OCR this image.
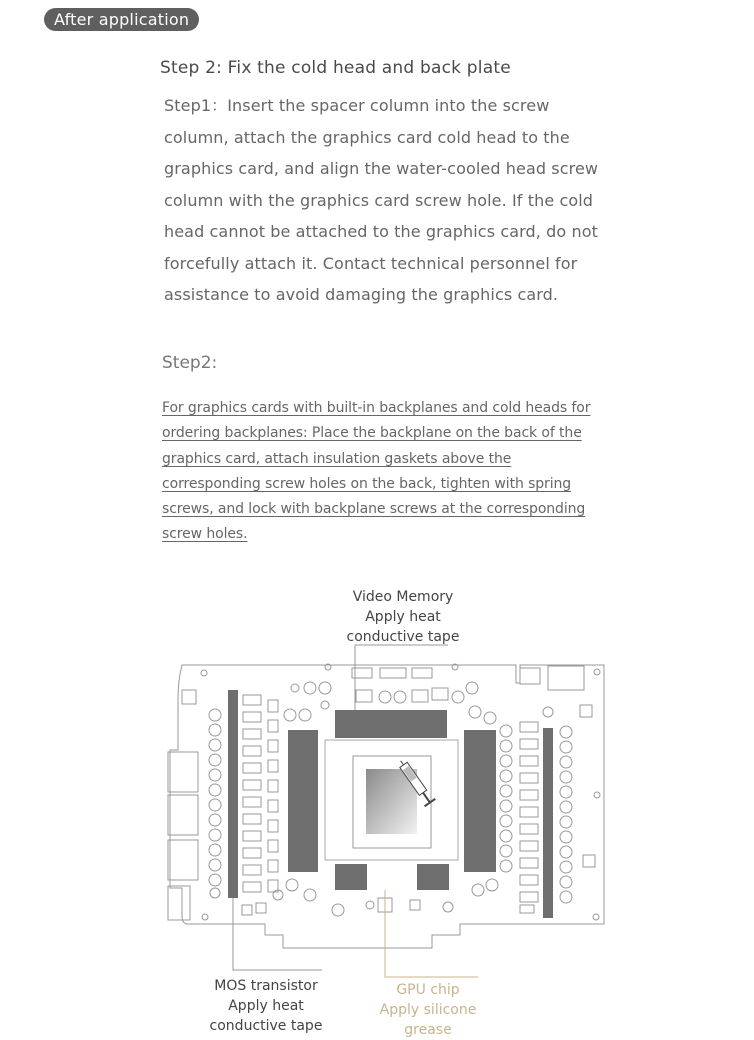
After application
Step 2: Fix the cold head and back plate
Step1：Insert the spacer column into the screw column, attach the graphics card cold head to the graphics card, and align the water-cooled head screw column with the graphics card screw hole. If the cold head cannot be attached to the graphics card, do not forcefully attach it. Contact technical personnel for assistance to avoid damaging the graphics card.
Step2:
For graphics cards with built-in backplanes and cold heads for ordering backplanes: Place the backplane on the back of the graphics card, attach insulation gaskets above the corresponding screw holes on the back, tighten with spring screws, and lock with backplane screws at the corresponding screw holes.
Video Memory
Apply heat
conductive tape
MOS transistor
Apply heat
conductive tape
GPU chip
Apply silicone
grease
